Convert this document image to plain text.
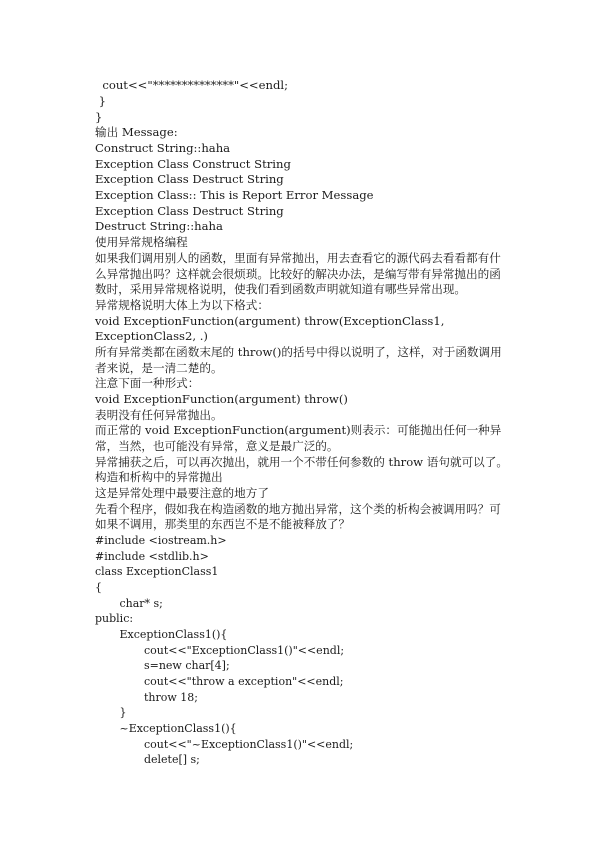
cout<<"**************"<<endl;
}
}
输出 Message:
Construct String::haha
Exception Class Construct String
Exception Class Destruct String
Exception Class:: This is Report Error Message
Exception Class Destruct String
Destruct String::haha
使用异常规格编程
如果我们调用别人的函数，里面有异常抛出，用去查看它的源代码去看看都有什
么异常抛出吗？这样就会很烦琐。比较好的解决办法，是编写带有异常抛出的函
数时，采用异常规格说明，使我们看到函数声明就知道有哪些异常出现。
异常规格说明大体上为以下格式：
void ExceptionFunction(argument) throw(ExceptionClass1,
ExceptionClass2, .)
所有异常类都在函数末尾的 throw()的括号中得以说明了，这样，对于函数调用
者来说，是一清二楚的。
注意下面一种形式：
void ExceptionFunction(argument) throw()
表明没有任何异常抛出。
而正常的 void ExceptionFunction(argument)则表示：可能抛出任何一种异
常，当然，也可能没有异常，意义是最广泛的。
异常捕获之后，可以再次抛出，就用一个不带任何参数的 throw 语句就可以了。
构造和析构中的异常抛出
这是异常处理中最要注意的地方了
先看个程序，假如我在构造函数的地方抛出异常，这个类的析构会被调用吗？可
如果不调用，那类里的东西岂不是不能被释放了？
#include <iostream.h>
#include <stdlib.h>
class ExceptionClass1
{
char* s;
public:
ExceptionClass1(){
cout<<"ExceptionClass1()"<<endl;
s=new char[4];
cout<<"throw a exception"<<endl;
throw 18;
}
~ExceptionClass1(){
cout<<"~ExceptionClass1()"<<endl;
delete[] s;
